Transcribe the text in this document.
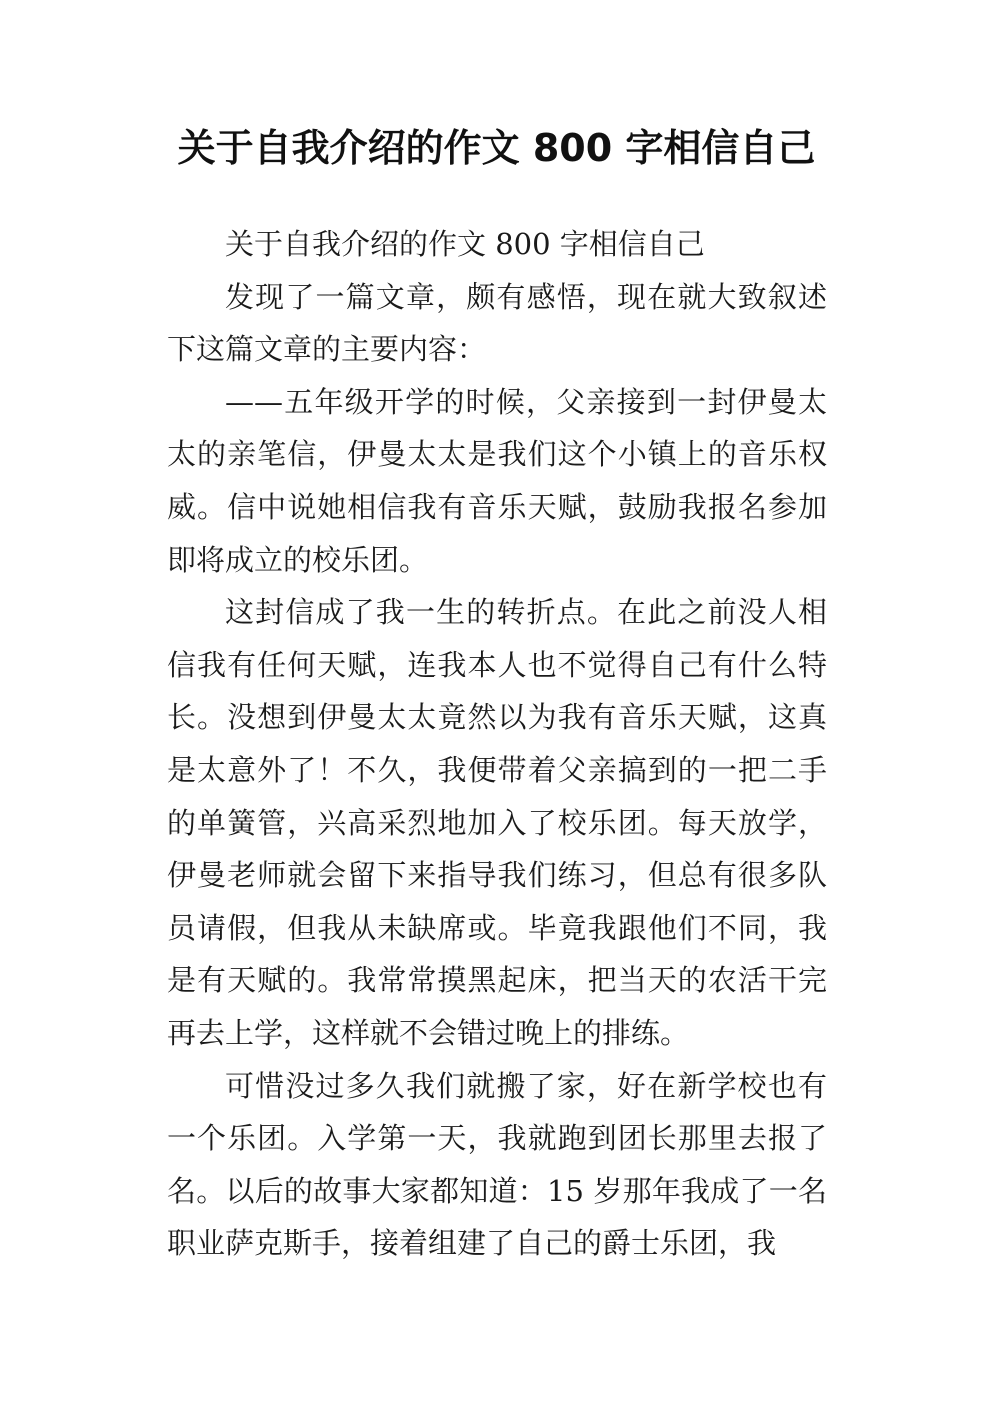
关于自我介绍的作文 800 字相信自己

关于自我介绍的作文 800 字相信自己

发现了一篇文章，颇有感悟，现在就大致叙述下这篇文章的主要内容：

——五年级开学的时候，父亲接到一封伊曼太太的亲笔信，伊曼太太是我们这个小镇上的音乐权威。信中说她相信我有音乐天赋，鼓励我报名参加即将成立的校乐团。

这封信成了我一生的转折点。在此之前没人相信我有任何天赋，连我本人也不觉得自己有什么特长。没想到伊曼太太竟然以为我有音乐天赋，这真是太意外了！不久，我便带着父亲搞到的一把二手的单簧管，兴高采烈地加入了校乐团。每天放学，伊曼老师就会留下来指导我们练习，但总有很多队员请假，但我从未缺席或。毕竟我跟他们不同，我是有天赋的。我常常摸黑起床，把当天的农活干完再去上学，这样就不会错过晚上的排练。

可惜没过多久我们就搬了家，好在新学校也有一个乐团。入学第一天，我就跑到团长那里去报了名。以后的故事大家都知道：15 岁那年我成了一名职业萨克斯手，接着组建了自己的爵士乐团，我
